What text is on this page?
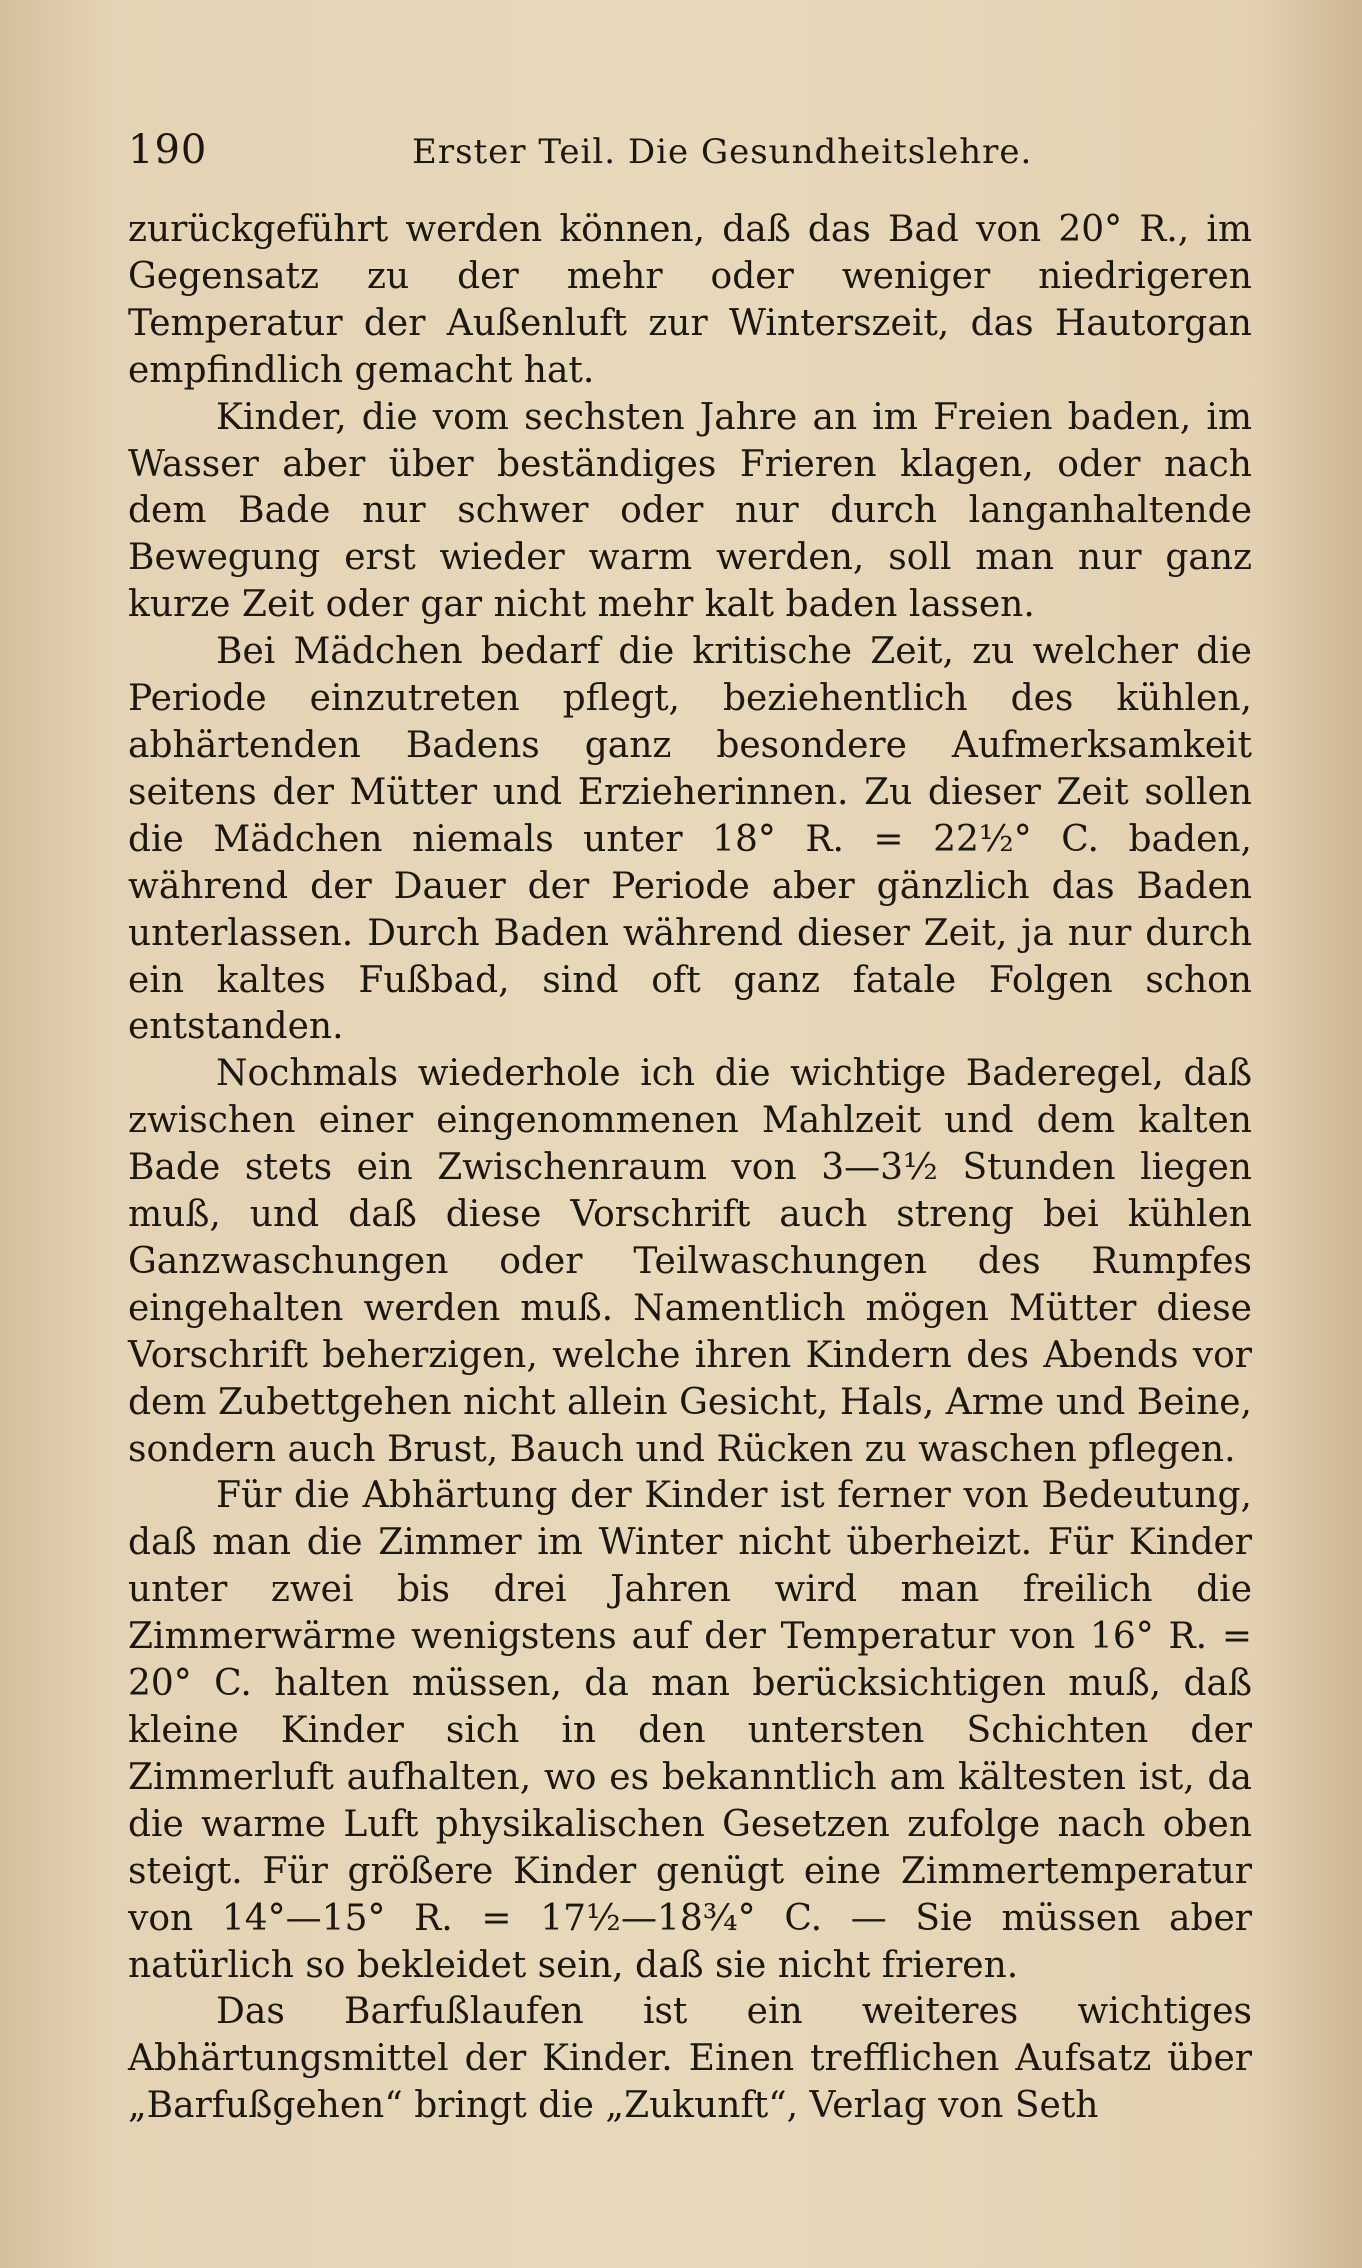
190	Erster Teil. Die Gesundheitslehre.

zurückgeführt werden können, daß das Bad von 20° R., im Gegensatz zu der mehr oder weniger niedrigeren Temperatur der Außenluft zur Winterszeit, das Hautorgan empfindlich gemacht hat.

Kinder, die vom sechsten Jahre an im Freien baden, im Wasser aber über beständiges Frieren klagen, oder nach dem Bade nur schwer oder nur durch langanhaltende Bewegung erst wieder warm werden, soll man nur ganz kurze Zeit oder gar nicht mehr kalt baden lassen.

Bei Mädchen bedarf die kritische Zeit, zu welcher die Periode einzutreten pflegt, beziehentlich des kühlen, abhärtenden Badens ganz besondere Aufmerksamkeit seitens der Mütter und Erzieherinnen. Zu dieser Zeit sollen die Mädchen niemals unter 18° R. = 22½° C. baden, während der Dauer der Periode aber gänzlich das Baden unterlassen. Durch Baden während dieser Zeit, ja nur durch ein kaltes Fußbad, sind oft ganz fatale Folgen schon entstanden.

Nochmals wiederhole ich die wichtige Baderegel, daß zwischen einer eingenommenen Mahlzeit und dem kalten Bade stets ein Zwischenraum von 3—3½ Stunden liegen muß, und daß diese Vorschrift auch streng bei kühlen Ganzwaschungen oder Teilwaschungen des Rumpfes eingehalten werden muß. Namentlich mögen Mütter diese Vorschrift beherzigen, welche ihren Kindern des Abends vor dem Zubettgehen nicht allein Gesicht, Hals, Arme und Beine, sondern auch Brust, Bauch und Rücken zu waschen pflegen.

Für die Abhärtung der Kinder ist ferner von Bedeutung, daß man die Zimmer im Winter nicht überheizt. Für Kinder unter zwei bis drei Jahren wird man freilich die Zimmerwärme wenigstens auf der Temperatur von 16° R. = 20° C. halten müssen, da man berücksichtigen muß, daß kleine Kinder sich in den untersten Schichten der Zimmerluft aufhalten, wo es bekanntlich am kältesten ist, da die warme Luft physikalischen Gesetzen zufolge nach oben steigt. Für größere Kinder genügt eine Zimmertemperatur von 14°—15° R. = 17½—18¾° C. — Sie müssen aber natürlich so bekleidet sein, daß sie nicht frieren.

Das Barfußlaufen ist ein weiteres wichtiges Abhärtungsmittel der Kinder. Einen trefflichen Aufsatz über „Barfußgehen“ bringt die „Zukunft“, Verlag von Seth
